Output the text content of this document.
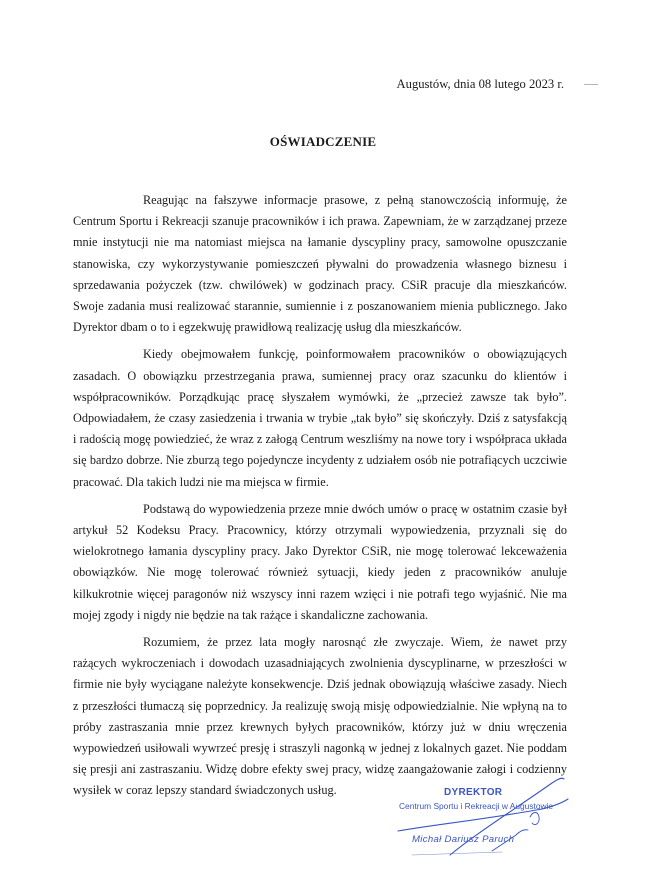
Augustów, dnia 08 lutego 2023 r.
OŚWIADCZENIE

Reagując na fałszywe informacje prasowe, z pełną stanowczością informuję, że Centrum Sportu i Rekreacji szanuje pracowników i ich prawa. Zapewniam, że w zarządzanej przeze mnie instytucji nie ma natomiast miejsca na łamanie dyscypliny pracy, samowolne opuszczanie stanowiska, czy wykorzystywanie pomieszczeń pływalni do prowadzenia własnego biznesu i sprzedawania pożyczek (tzw. chwilówek) w godzinach pracy. CSiR pracuje dla mieszkańców. Swoje zadania musi realizować starannie, sumiennie i z poszanowaniem mienia publicznego. Jako Dyrektor dbam o to i egzekwuję prawidłową realizację usług dla mieszkańców.

Kiedy obejmowałem funkcję, poinformowałem pracowników o obowiązujących zasadach. O obowiązku przestrzegania prawa, sumiennej pracy oraz szacunku do klientów i współpracowników. Porządkując pracę słyszałem wymówki, że „przecież zawsze tak było”. Odpowiadałem, że czasy zasiedzenia i trwania w trybie „tak było” się skończyły. Dziś z satysfakcją i radością mogę powiedzieć, że wraz z załogą Centrum weszliśmy na nowe tory i współpraca układa się bardzo dobrze. Nie zburzą tego pojedyncze incydenty z udziałem osób nie potrafiących uczciwie pracować. Dla takich ludzi nie ma miejsca w firmie.

Podstawą do wypowiedzenia przeze mnie dwóch umów o pracę w ostatnim czasie był artykuł 52 Kodeksu Pracy. Pracownicy, którzy otrzymali wypowiedzenia, przyznali się do wielokrotnego łamania dyscypliny pracy. Jako Dyrektor CSiR, nie mogę tolerować lekceważenia obowiązków. Nie mogę tolerować również sytuacji, kiedy jeden z pracowników anuluje kilkukrotnie więcej paragonów niż wszyscy inni razem wzięci i nie potrafi tego wyjaśnić. Nie ma mojej zgody i nigdy nie będzie na tak rażące i skandaliczne zachowania.

Rozumiem, że przez lata mogły narosnąć złe zwyczaje. Wiem, że nawet przy rażących wykroczeniach i dowodach uzasadniających zwolnienia dyscyplinarne, w przeszłości w firmie nie były wyciągane należyte konsekwencje. Dziś jednak obowiązują właściwe zasady. Niech z przeszłości tłumaczą się poprzednicy. Ja realizuję swoją misję odpowiedzialnie. Nie wpłyną na to próby zastraszania mnie przez krewnych byłych pracowników, którzy już w dniu wręczenia wypowiedzeń usiłowali wywrzeć presję i straszyli nagonką w jednej z lokalnych gazet. Nie poddam się presji ani zastraszaniu. Widzę dobre efekty swej pracy, widzę zaangażowanie załogi i codzienny wysiłek w coraz lepszy standard świadczonych usług.	DYREKTOR
Centrum Sportu i Rekreacji w Augustowie
Michał Dariusz Paruch
